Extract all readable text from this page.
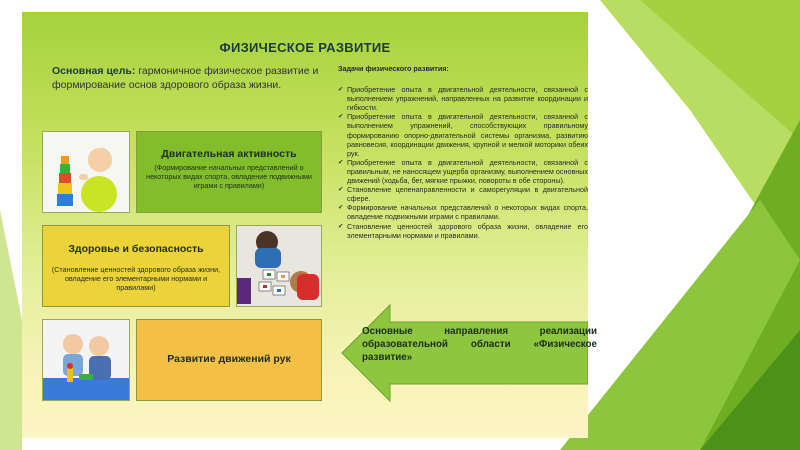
ФИЗИЧЕСКОЕ РАЗВИТИЕ
Основная цель: гармоничное физическое развитие и формирование основ здорового образа жизни.
Задачи физического развития:
✔ Приобретение опыта в двигательной деятельности, связанной с выполнением упражнений, направленных на развитие координации и гибкости.
✔ Приобретение опыта в двигательной деятельности, связанной с выполнением упражнений, способствующих правильному формированию опорно-двигательной системы организма, развитию равновесия, координации движения, крупной и мелкой моторики обеих рук.
✔ Приобретение опыта в двигательной деятельности, связанной с правильным, не наносящем ущерба организму, выполнением основных движений (ходьба, бег, мягкие прыжки, повороты в обе стороны).
✔ Становление целенаправленности и саморегуляции в двигательной сфере.
✔ Формирование начальных представлений о некоторых видах спорта, овладение подвижными играми с правилами.
✔ Становление ценностей здорового образа жизни, овладение его элементарными нормами и правилами.
Двигательная активность
(Формирование начальных представлений о некоторых видах спорта, овладение подвижными играми с правилами)
Здоровье и безопасность
(Становление ценностей здорового образа жизни, овладение его элементарными нормами и правилами)
Развитие движений рук
Основные направления реализации образовательной области «Физическое развитие»
